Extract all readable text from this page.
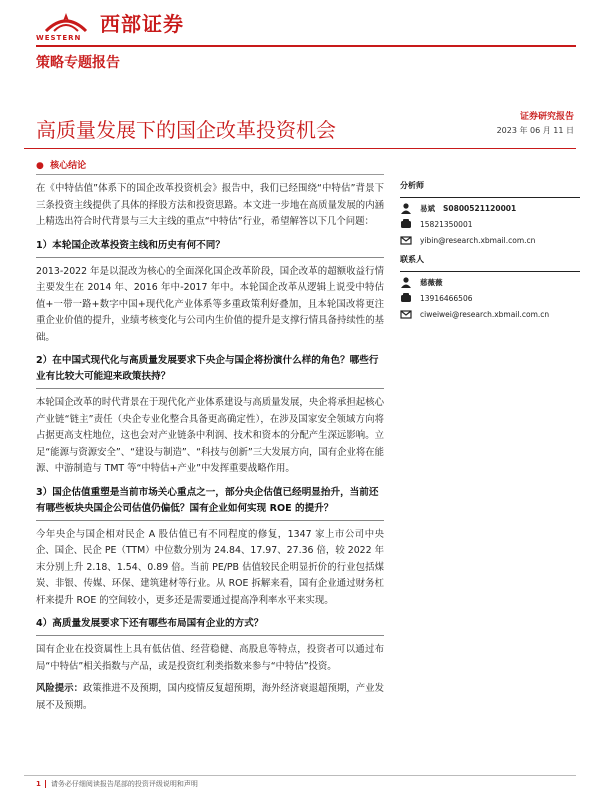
WESTERN
西部证券
策略专题报告
高质量发展下的国企改革投资机会
证券研究报告
2023 年 06 月 11 日
●  核心结论

在《中特估值”体系下的国企改革投资机会》报告中，我们已经围绕“中特估”背景下三条投资主线提供了具体的择股方法和投资思路。本文进一步地在高质量发展的内涵上精选出符合时代背景与三大主线的重点“中特估”行业，希望解答以下几个问题：

1）本轮国企改革投资主线和历史有何不同？

2013-2022 年是以混改为核心的全面深化国企改革阶段，国企改革的超额收益行情主要发生在 2014 年、2016 年中-2017 年中。本轮国企改革从逻辑上说受中特估值+一带一路+数字中国+现代化产业体系等多重政策利好叠加，且本轮国改将更注重企业价值的提升，业绩考核变化与公司内生价值的提升是支撑行情具备持续性的基础。

2）在中国式现代化与高质量发展要求下央企与国企将扮演什么样的角色？哪些行业有比较大可能迎来政策扶持？

本轮国企改革的时代背景在于现代化产业体系建设与高质量发展，央企将承担起核心产业链“链主”责任（央企专业化整合具备更高确定性），在涉及国家安全领域方向将占据更高支柱地位，这也会对产业链条中利润、技术和资本的分配产生深远影响。立足“能源与资源安全”、“建设与制造”、“科技与创新”三大发展方向，国有企业将在能源、中游制造与 TMT 等“中特估+产业”中发挥重要战略作用。

3）国企估值重塑是当前市场关心重点之一，部分央企估值已经明显抬升，当前还有哪些板块央国企公司估值仍偏低？国有企业如何实现 ROE 的提升？

今年央企与国企相对民企 A 股估值已有不同程度的修复，1347 家上市公司中央企、国企、民企 PE（TTM）中位数分别为 24.84、17.97、27.36 倍，较 2022 年末分别上升 2.18、1.54、0.89 倍。当前 PE/PB 估值较民企明显折价的行业包括煤炭、非银、传媒、环保、建筑建材等行业。从 ROE 拆解来看，国有企业通过财务杠杆来提升 ROE 的空间较小，更多还是需要通过提高净利率水平来实现。

4）高质量发展要求下还有哪些布局国有企业的方式？

国有企业在投资属性上具有低估值、经营稳健、高股息等特点，投资者可以通过布局“中特估”相关指数与产品，或是投资红利类指数来参与“中特估”投资。

风险提示：政策推进不及预期，国内疫情反复超预期，海外经济衰退超预期，产业发展不及预期。

分析师
易斌 S0800521120001
15821350001
yibin@research.xbmail.com.cn
联系人
慈薇薇
13916466506
ciweiwei@research.xbmail.com.cn
1 请务必仔细阅读报告尾部的投资评级说明和声明
